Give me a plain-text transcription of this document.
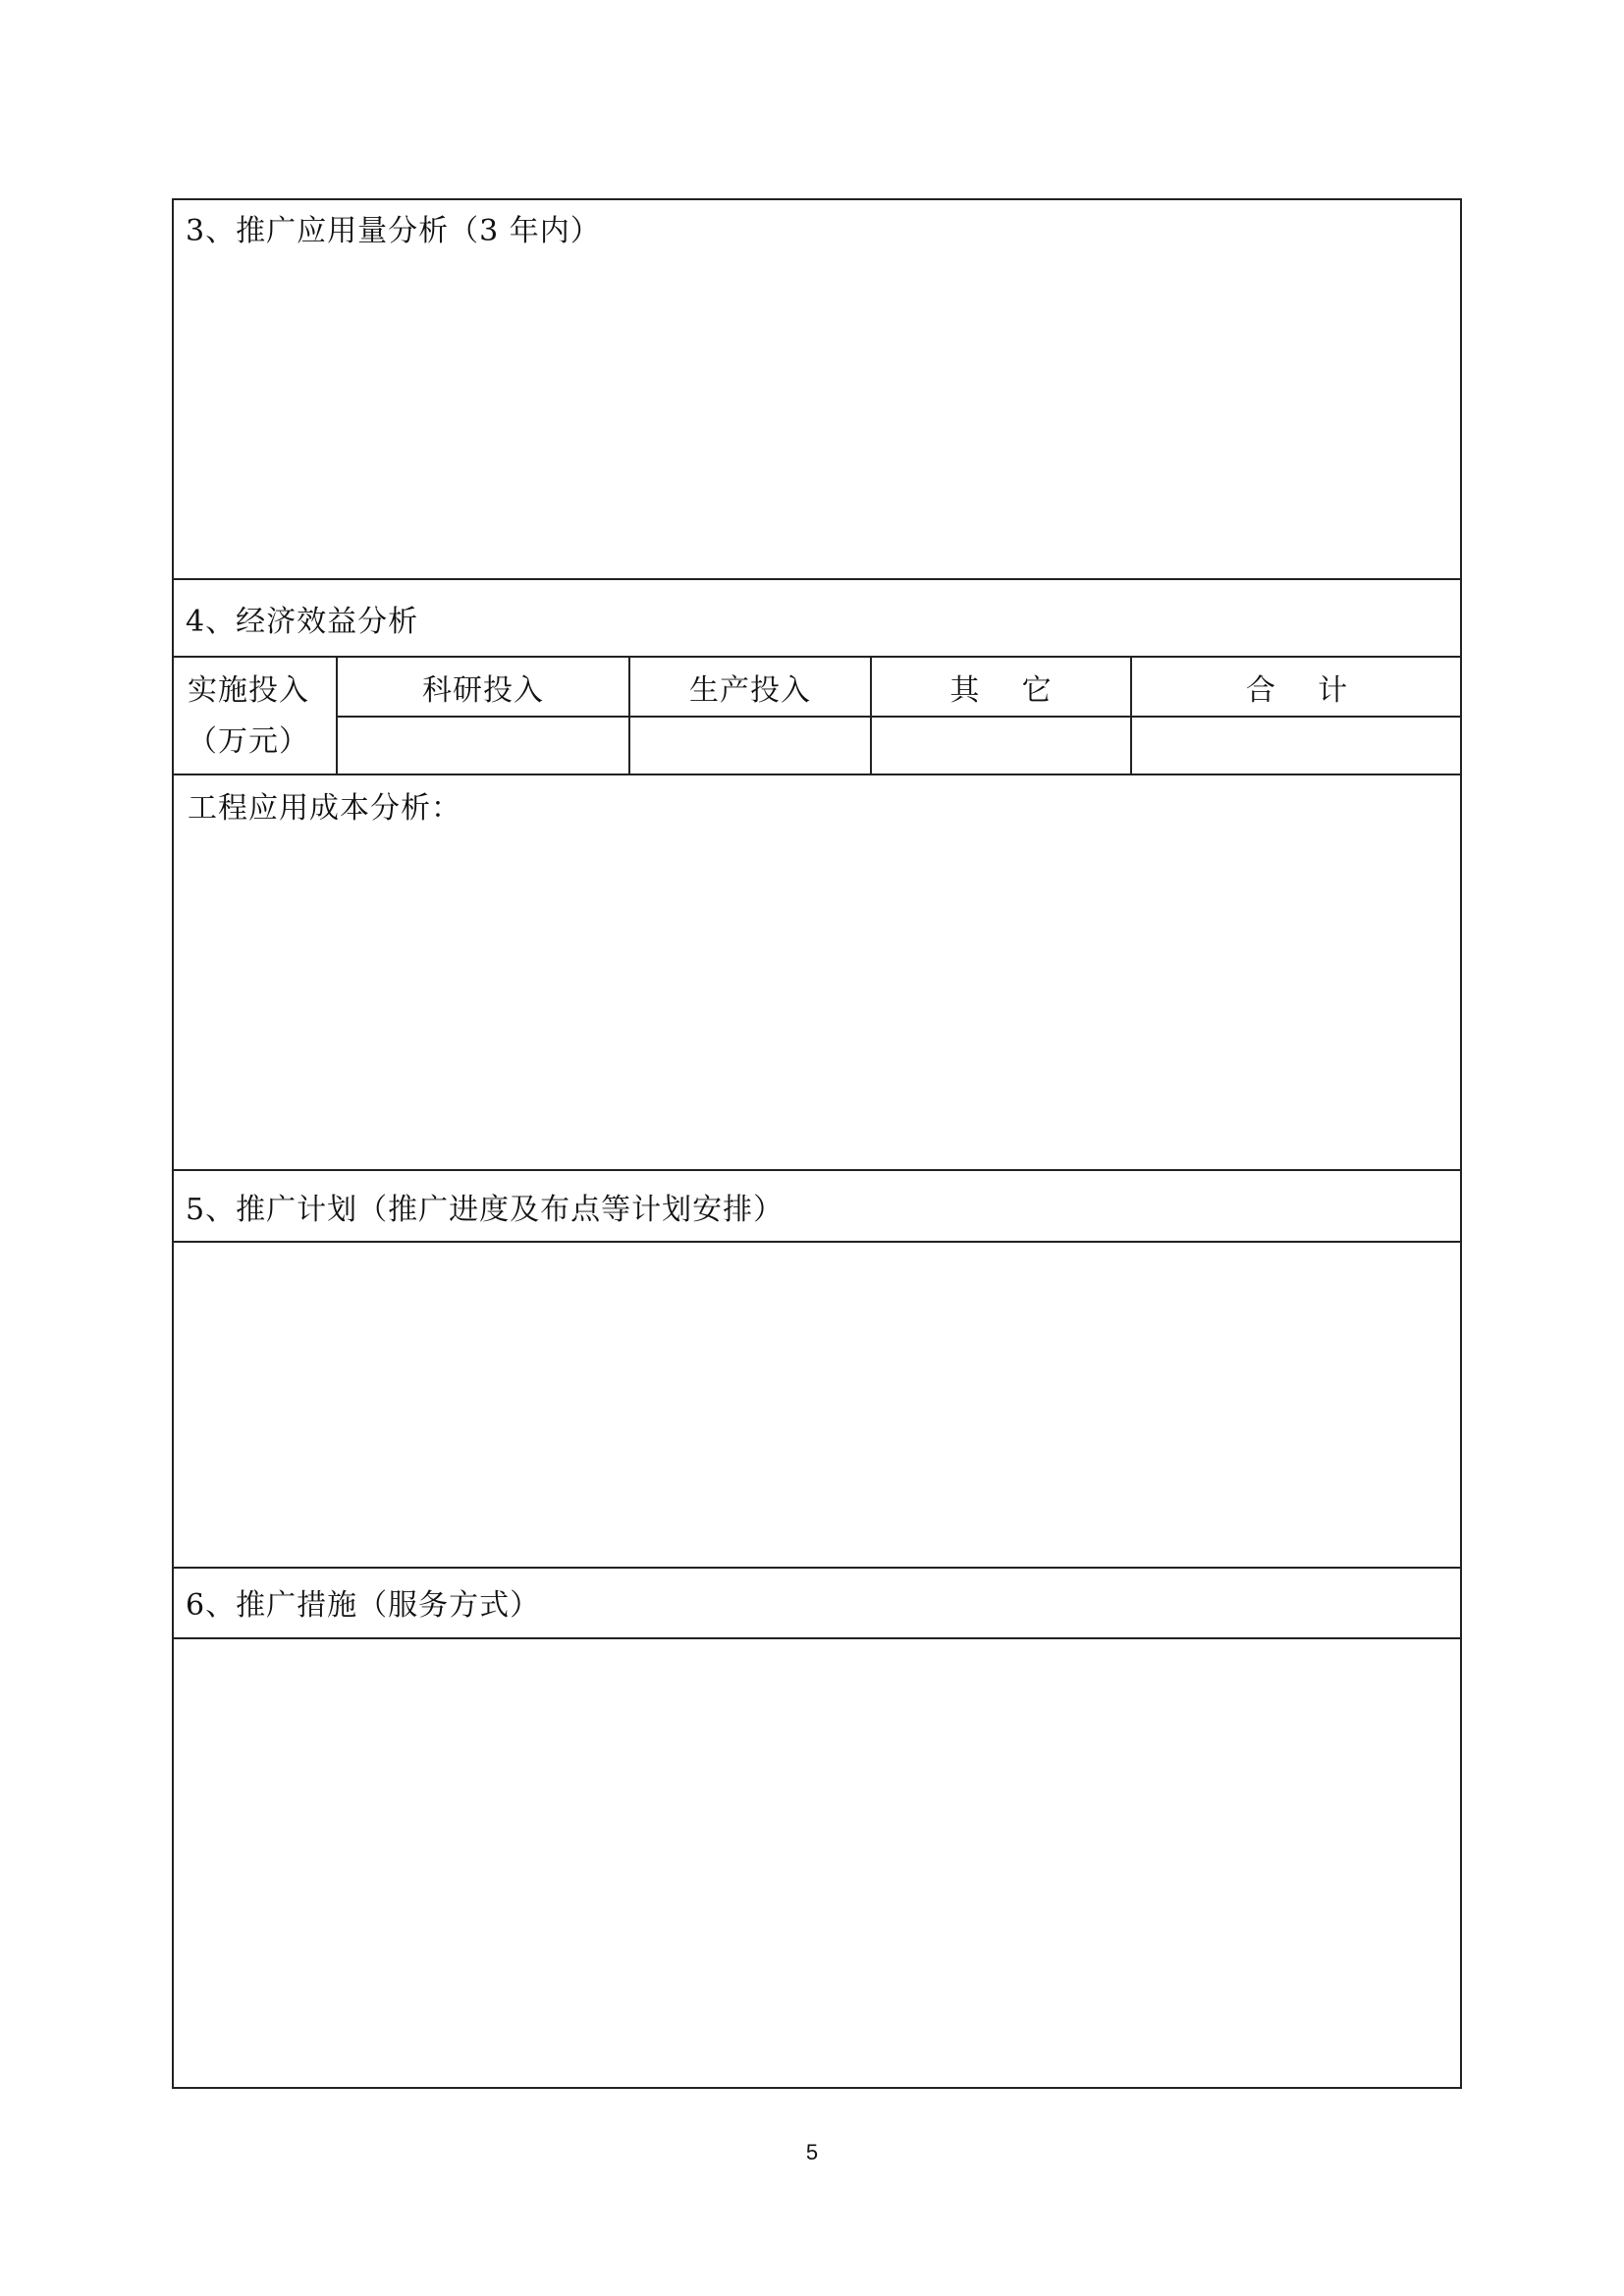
3、推广应用量分析（3 年内）
4、经济效益分析
实施投入
（万元）
科研投入	生产投入	其    它	合    计
工程应用成本分析：
5、推广计划（推广进度及布点等计划安排）
6、推广措施（服务方式）
5
